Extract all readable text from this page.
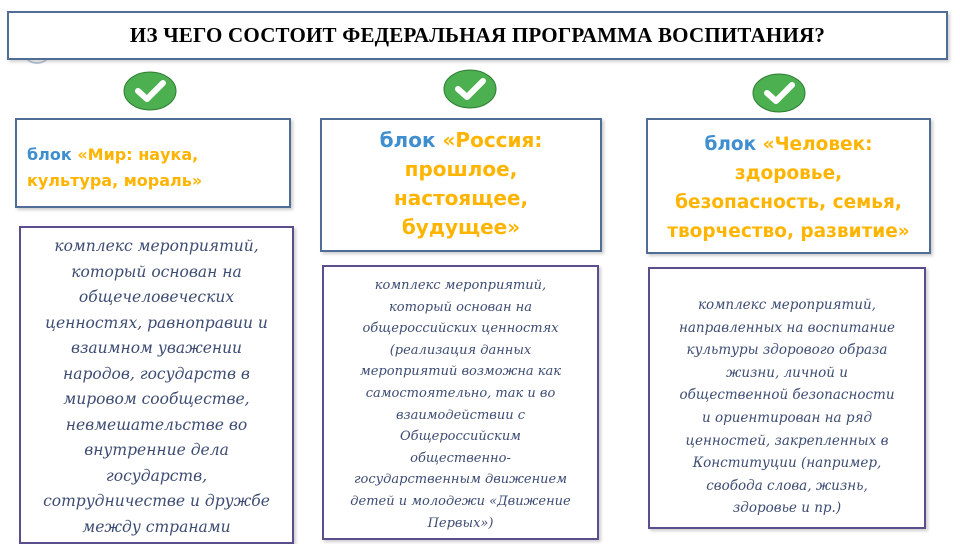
ИЗ ЧЕГО СОСТОИТ ФЕДЕРАЛЬНАЯ ПРОГРАММА ВОСПИТАНИЯ?
блок «Мир: наука,
культура, мораль»
блок «Россия:
прошлое,
настоящее,
будущее»
блок «Человек:
здоровье,
безопасность, семья,
творчество, развитие»
комплекс мероприятий,
который основан на
общечеловеческих
ценностях, равноправии и
взаимном уважении
народов, государств в
мировом сообществе,
невмешательстве во
внутренние дела
государств,
сотрудничестве и дружбе
между странами
комплекс мероприятий,
который основан на
общероссийских ценностях
(реализация данных
мероприятий возможна как
самостоятельно, так и во
взаимодействии с
Общероссийским
общественно-
государственным движением
детей и молодежи «Движение
Первых»)
комплекс мероприятий,
направленных на воспитание
культуры здорового образа
жизни, личной и
общественной безопасности
и ориентирован на ряд
ценностей, закрепленных в
Конституции (например,
свобода слова, жизнь,
здоровье и пр.)
